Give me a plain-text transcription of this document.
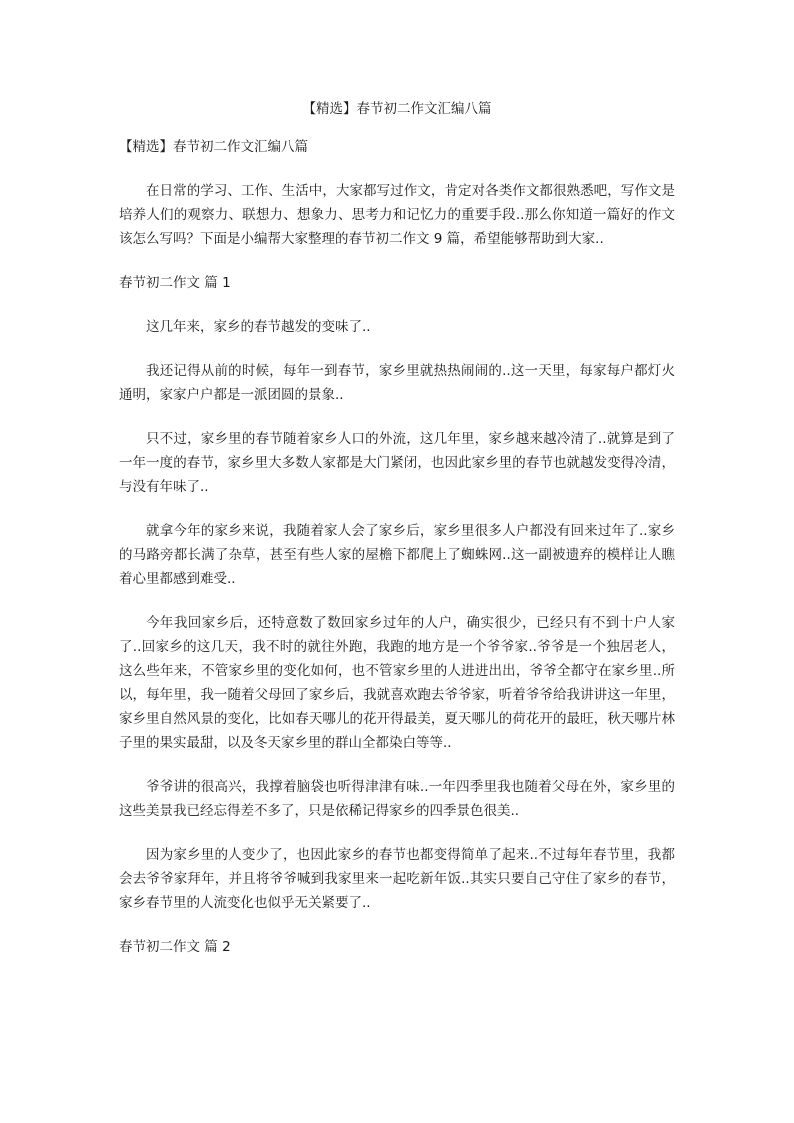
【精选】春节初二作文汇编八篇

【精选】春节初二作文汇编八篇

在日常的学习、工作、生活中，大家都写过作文，肯定对各类作文都很熟悉吧，写作文是培养人们的观察力、联想力、想象力、思考力和记忆力的重要手段..那么你知道一篇好的作文该怎么写吗？下面是小编帮大家整理的春节初二作文 9 篇，希望能够帮助到大家..

春节初二作文 篇 1

这几年来，家乡的春节越发的变味了..

我还记得从前的时候，每年一到春节，家乡里就热热闹闹的..这一天里，每家每户都灯火通明，家家户户都是一派团圆的景象..

只不过，家乡里的春节随着家乡人口的外流，这几年里，家乡越来越冷清了..就算是到了一年一度的春节，家乡里大多数人家都是大门紧闭，也因此家乡里的春节也就越发变得冷清，与没有年味了..

就拿今年的家乡来说，我随着家人会了家乡后，家乡里很多人户都没有回来过年了..家乡的马路旁都长满了杂草，甚至有些人家的屋檐下都爬上了蜘蛛网..这一副被遗弃的模样让人瞧着心里都感到难受..

今年我回家乡后，还特意数了数回家乡过年的人户，确实很少，已经只有不到十户人家了..回家乡的这几天，我不时的就往外跑，我跑的地方是一个爷爷家..爷爷是一个独居老人，这么些年来，不管家乡里的变化如何，也不管家乡里的人进进出出，爷爷全都守在家乡里..所以，每年里，我一随着父母回了家乡后，我就喜欢跑去爷爷家，听着爷爷给我讲讲这一年里，家乡里自然风景的变化，比如春天哪儿的花开得最美，夏天哪儿的荷花开的最旺，秋天哪片林子里的果实最甜，以及冬天家乡里的群山全都染白等等..

爷爷讲的很高兴，我撑着脑袋也听得津津有味..一年四季里我也随着父母在外，家乡里的这些美景我已经忘得差不多了，只是依稀记得家乡的四季景色很美..

因为家乡里的人变少了，也因此家乡的春节也都变得简单了起来..不过每年春节里，我都会去爷爷家拜年，并且将爷爷喊到我家里来一起吃新年饭..其实只要自己守住了家乡的春节，家乡春节里的人流变化也似乎无关紧要了..

春节初二作文 篇 2
